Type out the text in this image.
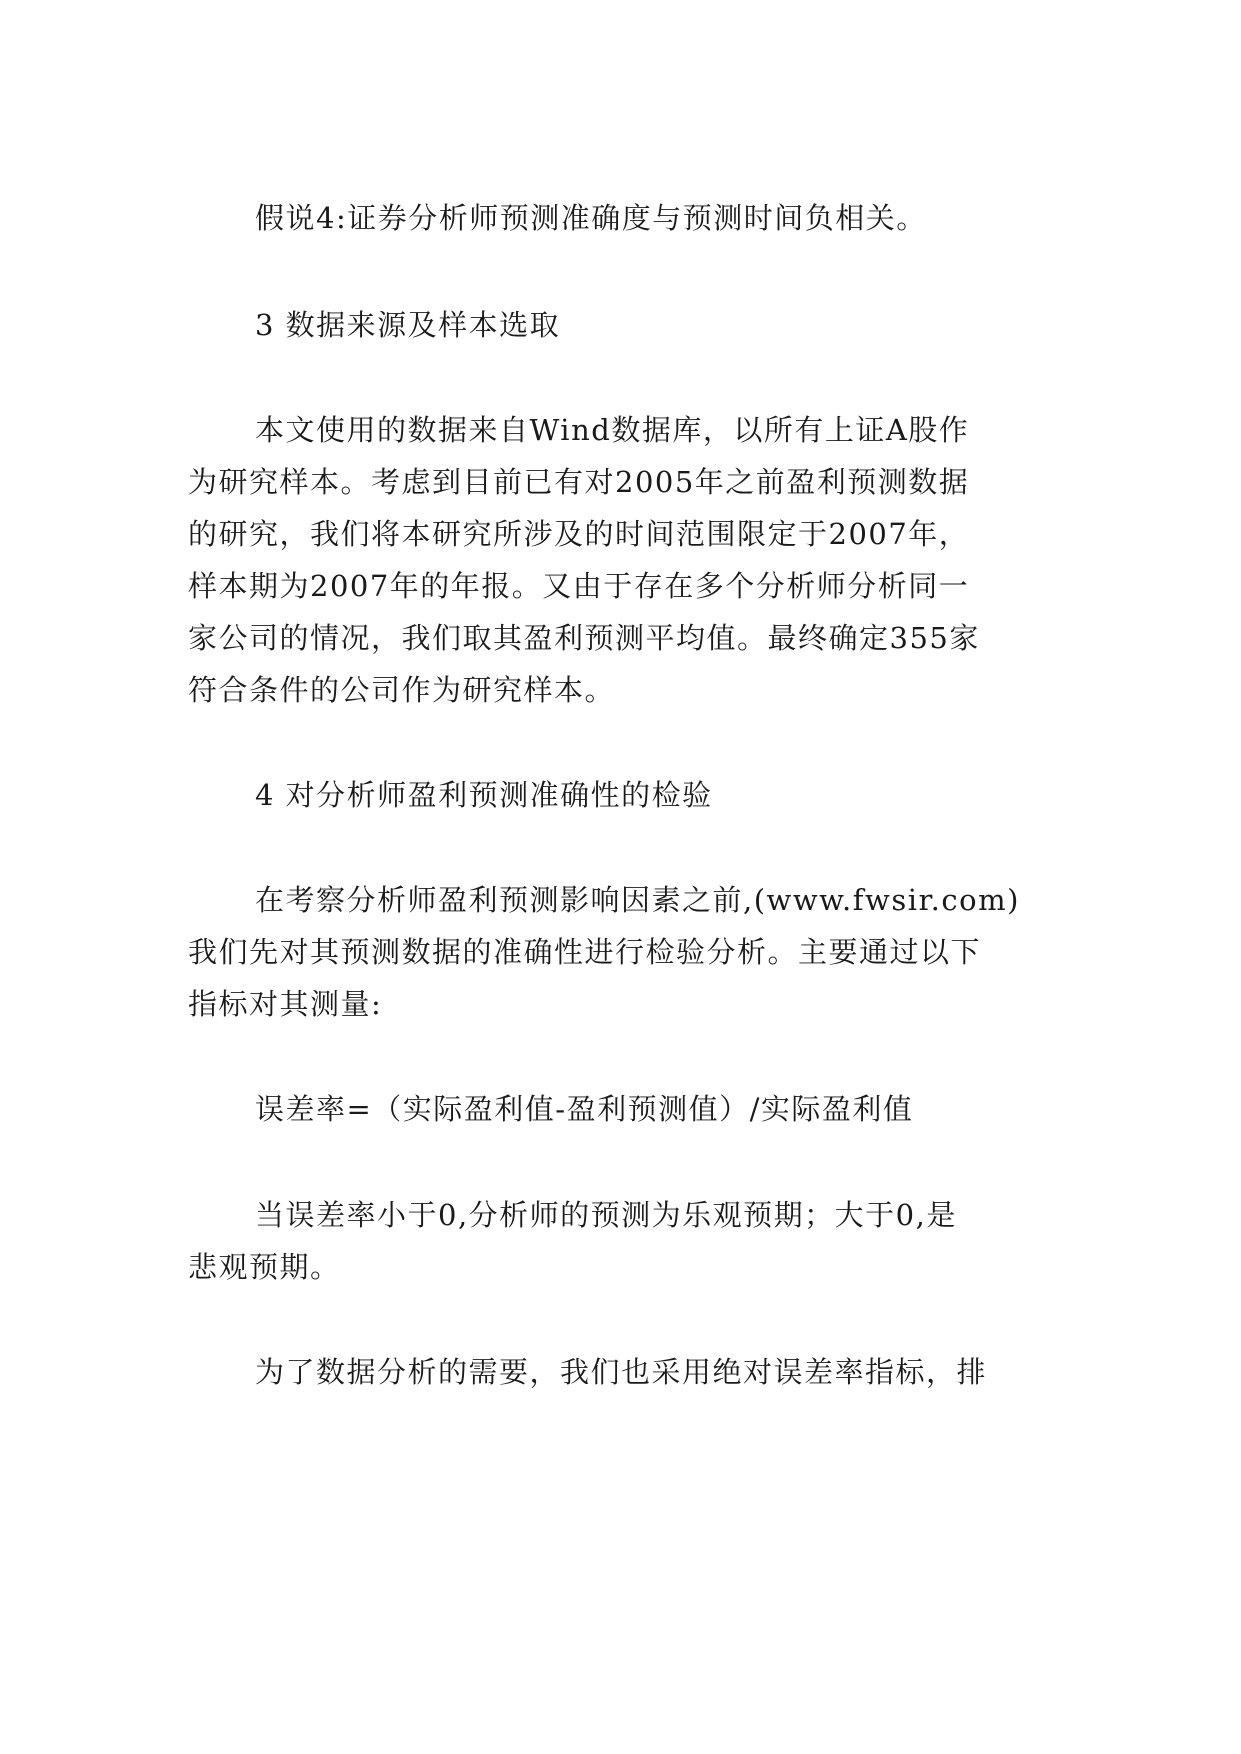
假说4:证券分析师预测准确度与预测时间负相关。
3 数据来源及样本选取
本文使用的数据来自Wind数据库，以所有上证A股作
为研究样本。考虑到目前已有对2005年之前盈利预测数据
的研究，我们将本研究所涉及的时间范围限定于2007年，
样本期为2007年的年报。又由于存在多个分析师分析同一
家公司的情况，我们取其盈利预测平均值。最终确定355家
符合条件的公司作为研究样本。
4 对分析师盈利预测准确性的检验
在考察分析师盈利预测影响因素之前,(www.fwsir.com)
我们先对其预测数据的准确性进行检验分析。主要通过以下
指标对其测量:
误差率=（实际盈利值-盈利预测值）/实际盈利值
当误差率小于0,分析师的预测为乐观预期；大于0,是
悲观预期。
为了数据分析的需要，我们也采用绝对误差率指标，排
